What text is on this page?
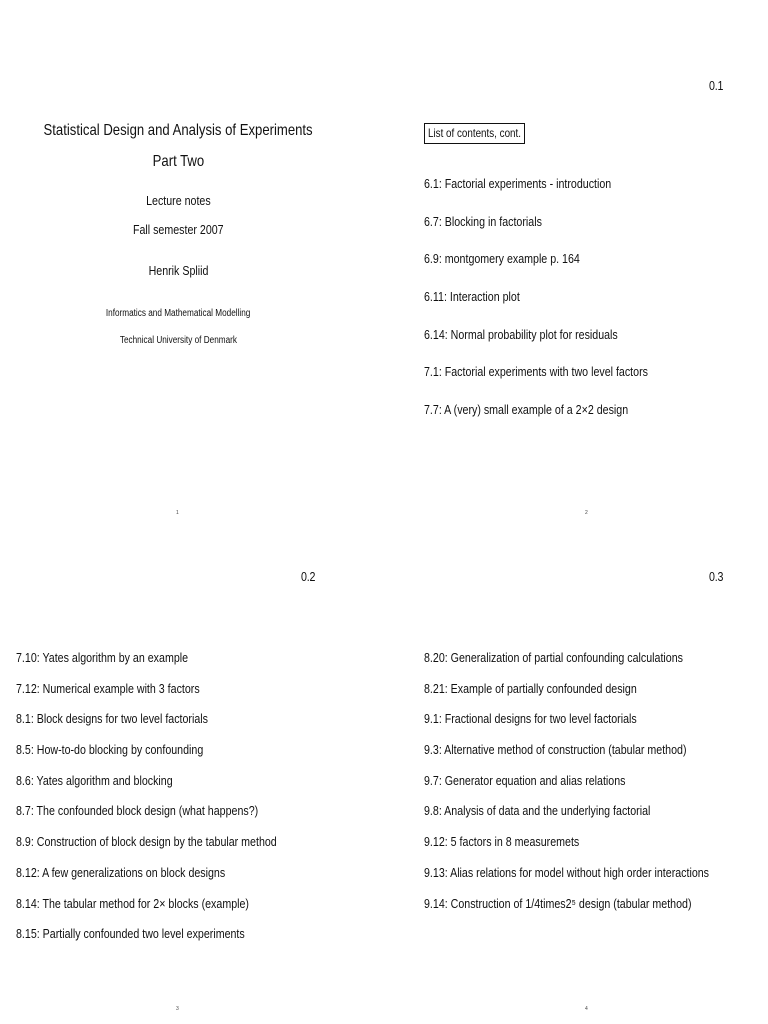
Statistical Design and Analysis of Experiments
Part Two
Lecture notes
Fall semester 2007
Henrik Spliid
Informatics and Mathematical Modelling
Technical University of Denmark
1
0.1
List of contents, cont.
6.1: Factorial experiments - introduction
6.7: Blocking in factorials
6.9: montgomery example p. 164
6.11: Interaction plot
6.14: Normal probability plot for residuals
7.1: Factorial experiments with two level factors
7.7: A (very) small example of a 2×2 design
2
0.2
7.10: Yates algorithm by an example
7.12: Numerical example with 3 factors
8.1: Block designs for two level factorials
8.5: How-to-do blocking by confounding
8.6: Yates algorithm and blocking
8.7: The confounded block design (what happens?)
8.9: Construction of block design by the tabular method
8.12: A few generalizations on block designs
8.14: The tabular method for 2× blocks (example)
8.15: Partially confounded two level experiments
3
0.3
8.20: Generalization of partial confounding calculations
8.21: Example of partially confounded design
9.1: Fractional designs for two level factorials
9.3: Alternative method of construction (tabular method)
9.7: Generator equation and alias relations
9.8: Analysis of data and the underlying factorial
9.12: 5 factors in 8 measuremets
9.13: Alias relations for model without high order interactions
9.14: Construction of 1/4times2⁵ design (tabular method)
4
